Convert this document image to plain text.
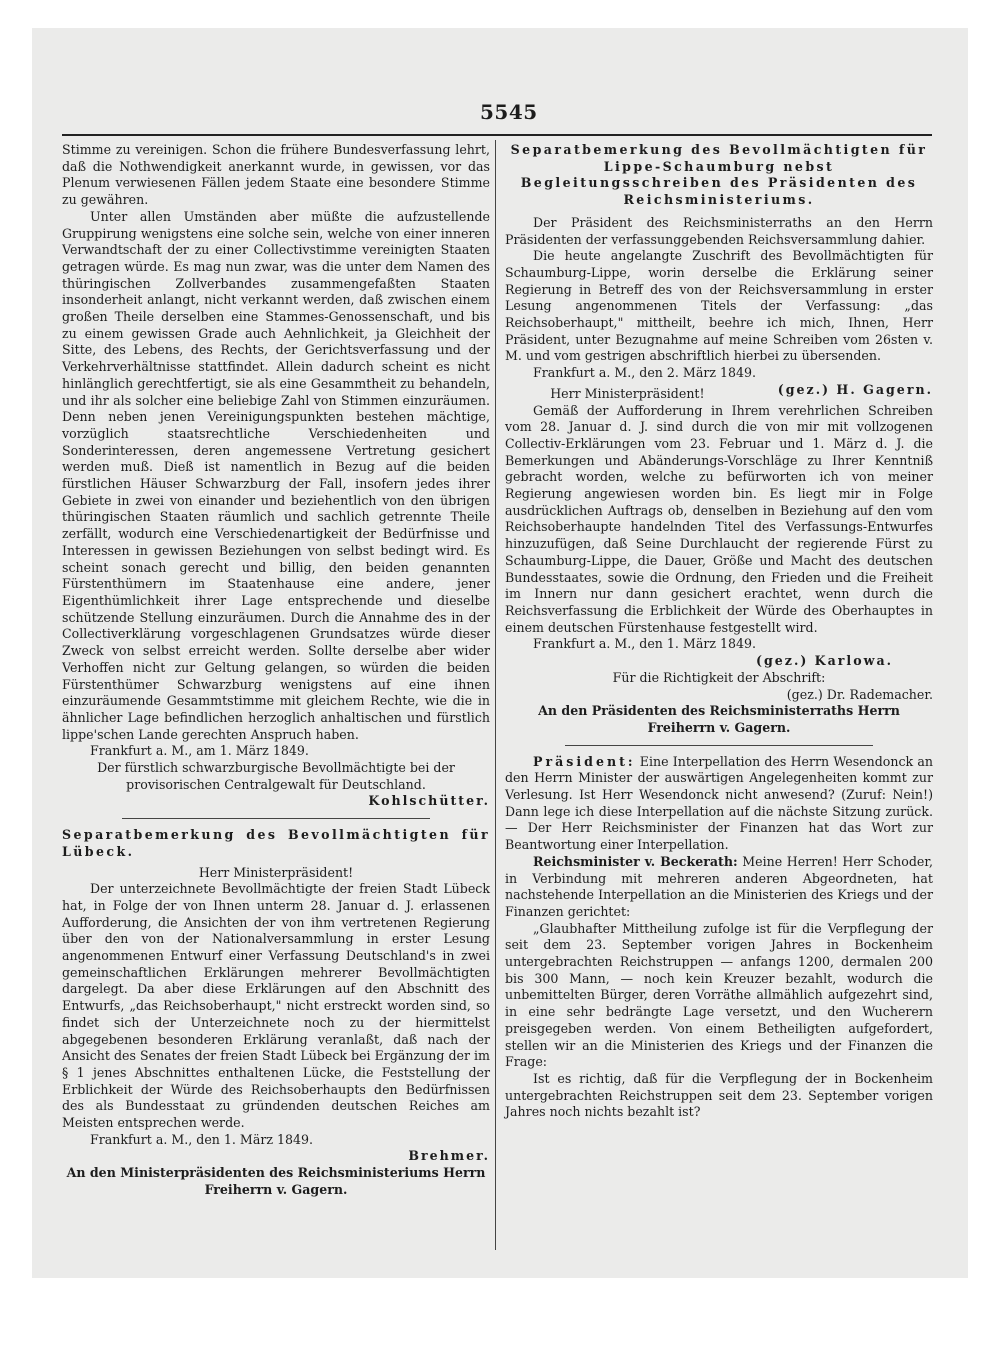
5545

Stimme zu vereinigen. Schon die frühere Bundesverfassung lehrt, daß die Nothwendigkeit anerkannt wurde, in gewissen, vor das Plenum verwiesenen Fällen jedem Staate eine besondere Stimme zu gewähren.

Unter allen Umständen aber müßte die aufzustellende Gruppirung wenigstens eine solche sein, welche von einer inneren Verwandtschaft der zu einer Collectivstimme vereinigten Staaten getragen würde. Es mag nun zwar, was die unter dem Namen des thüringischen Zollverbandes zusammengefaßten Staaten insonderheit anlangt, nicht verkannt werden, daß zwischen einem großen Theile derselben eine Stammes-Genossenschaft, und bis zu einem gewissen Grade auch Aehnlichkeit, ja Gleichheit der Sitte, des Lebens, des Rechts, der Gerichtsverfassung und der Verkehrverhältnisse stattfindet. Allein dadurch scheint es nicht hinlänglich gerechtfertigt, sie als eine Gesammtheit zu behandeln, und ihr als solcher eine beliebige Zahl von Stimmen einzuräumen. Denn neben jenen Vereinigungspunkten bestehen mächtige, vorzüglich staatsrechtliche Verschiedenheiten und Sonderinteressen, deren angemessene Vertretung gesichert werden muß. Dieß ist namentlich in Bezug auf die beiden fürstlichen Häuser Schwarzburg der Fall, insofern jedes ihrer Gebiete in zwei von einander und beziehentlich von den übrigen thüringischen Staaten räumlich und sachlich getrennte Theile zerfällt, wodurch eine Verschiedenartigkeit der Bedürfnisse und Interessen in gewissen Beziehungen von selbst bedingt wird. Es scheint sonach gerecht und billig, den beiden genannten Fürstenthümern im Staatenhause eine andere, jener Eigenthümlichkeit ihrer Lage entsprechende und dieselbe schützende Stellung einzuräumen. Durch die Annahme des in der Collectiverklärung vorgeschlagenen Grundsatzes würde dieser Zweck von selbst erreicht werden. Sollte derselbe aber wider Verhoffen nicht zur Geltung gelangen, so würden die beiden Fürstenthümer Schwarzburg wenigstens auf eine ihnen einzuräumende Gesammtstimme mit gleichem Rechte, wie die in ähnlicher Lage befindlichen herzoglich anhaltischen und fürstlich lippe'schen Lande gerechten Anspruch haben.

Frankfurt a. M., am 1. März 1849.

Der fürstlich schwarzburgische Bevollmächtigte bei der provisorischen Centralgewalt für Deutschland.

Kohlschütter.

Separatbemerkung des Bevollmächtigten für Lübeck.

Herr Ministerpräsident!

Der unterzeichnete Bevollmächtigte der freien Stadt Lübeck hat, in Folge der von Ihnen unterm 28. Januar d. J. erlassenen Aufforderung, die Ansichten der von ihm vertretenen Regierung über den von der Nationalversammlung in erster Lesung angenommenen Entwurf einer Verfassung Deutschland's in zwei gemeinschaftlichen Erklärungen mehrerer Bevollmächtigten dargelegt. Da aber diese Erklärungen auf den Abschnitt des Entwurfs, „das Reichsoberhaupt," nicht erstreckt worden sind, so findet sich der Unterzeichnete noch zu der hiermittelst abgegebenen besonderen Erklärung veranlaßt, daß nach der Ansicht des Senates der freien Stadt Lübeck bei Ergänzung der im § 1 jenes Abschnittes enthaltenen Lücke, die Feststellung der Erblichkeit der Würde des Reichsoberhaupts den Bedürfnissen des als Bundesstaat zu gründenden deutschen Reiches am Meisten entsprechen werde.

Frankfurt a. M., den 1. März 1849.

Brehmer.

An den Ministerpräsidenten des Reichsministeriums Herrn Freiherrn v. Gagern.

Separatbemerkung des Bevollmächtigten für Lippe-Schaumburg nebst Begleitungsschreiben des Präsidenten des Reichsministeriums.

Der Präsident des Reichsministerraths an den Herrn Präsidenten der verfassunggebenden Reichsversammlung dahier.

Die heute angelangte Zuschrift des Bevollmächtigten für Schaumburg-Lippe, worin derselbe die Erklärung seiner Regierung in Betreff des von der Reichsversammlung in erster Lesung angenommenen Titels der Verfassung: „das Reichsoberhaupt," mittheilt, beehre ich mich, Ihnen, Herr Präsident, unter Bezugnahme auf meine Schreiben vom 26sten v. M. und vom gestrigen abschriftlich hierbei zu übersenden.

Frankfurt a. M., den 2. März 1849.
(gez.) H. Gagern.

Herr Ministerpräsident!

Gemäß der Aufforderung in Ihrem verehrlichen Schreiben vom 28. Januar d. J. sind durch die von mir mit vollzogenen Collectiv-Erklärungen vom 23. Februar und 1. März d. J. die Bemerkungen und Abänderungs-Vorschläge zu Ihrer Kenntniß gebracht worden, welche zu befürworten ich von meiner Regierung angewiesen worden bin. Es liegt mir in Folge ausdrücklichen Auftrags ob, denselben in Beziehung auf den vom Reichsoberhaupte handelnden Titel des Verfassungs-Entwurfes hinzuzufügen, daß Seine Durchlaucht der regierende Fürst zu Schaumburg-Lippe, die Dauer, Größe und Macht des deutschen Bundesstaates, sowie die Ordnung, den Frieden und die Freiheit im Innern nur dann gesichert erachtet, wenn durch die Reichsverfassung die Erblichkeit der Würde des Oberhauptes in einem deutschen Fürstenhause festgestellt wird.

Frankfurt a. M., den 1. März 1849.

(gez.) Karlowa.

Für die Richtigkeit der Abschrift:

(gez.) Dr. Rademacher.

An den Präsidenten des Reichsministerraths Herrn Freiherrn v. Gagern.

Präsident: Eine Interpellation des Herrn Wesendonck an den Herrn Minister der auswärtigen Angelegenheiten kommt zur Verlesung. Ist Herr Wesendonck nicht anwesend? (Zuruf: Nein!) Dann lege ich diese Interpellation auf die nächste Sitzung zurück. — Der Herr Reichsminister der Finanzen hat das Wort zur Beantwortung einer Interpellation.

Reichsminister v. Beckerath: Meine Herren! Herr Schoder, in Verbindung mit mehreren anderen Abgeordneten, hat nachstehende Interpellation an die Ministerien des Kriegs und der Finanzen gerichtet:

„Glaubhafter Mittheilung zufolge ist für die Verpflegung der seit dem 23. September vorigen Jahres in Bockenheim untergebrachten Reichstruppen — anfangs 1200, dermalen 200 bis 300 Mann, — noch kein Kreuzer bezahlt, wodurch die unbemittelten Bürger, deren Vorräthe allmählich aufgezehrt sind, in eine sehr bedrängte Lage versetzt, und den Wucherern preisgegeben werden. Von einem Betheiligten aufgefordert, stellen wir an die Ministerien des Kriegs und der Finanzen die Frage:

Ist es richtig, daß für die Verpflegung der in Bockenheim untergebrachten Reichstruppen seit dem 23. September vorigen Jahres noch nichts bezahlt ist?
